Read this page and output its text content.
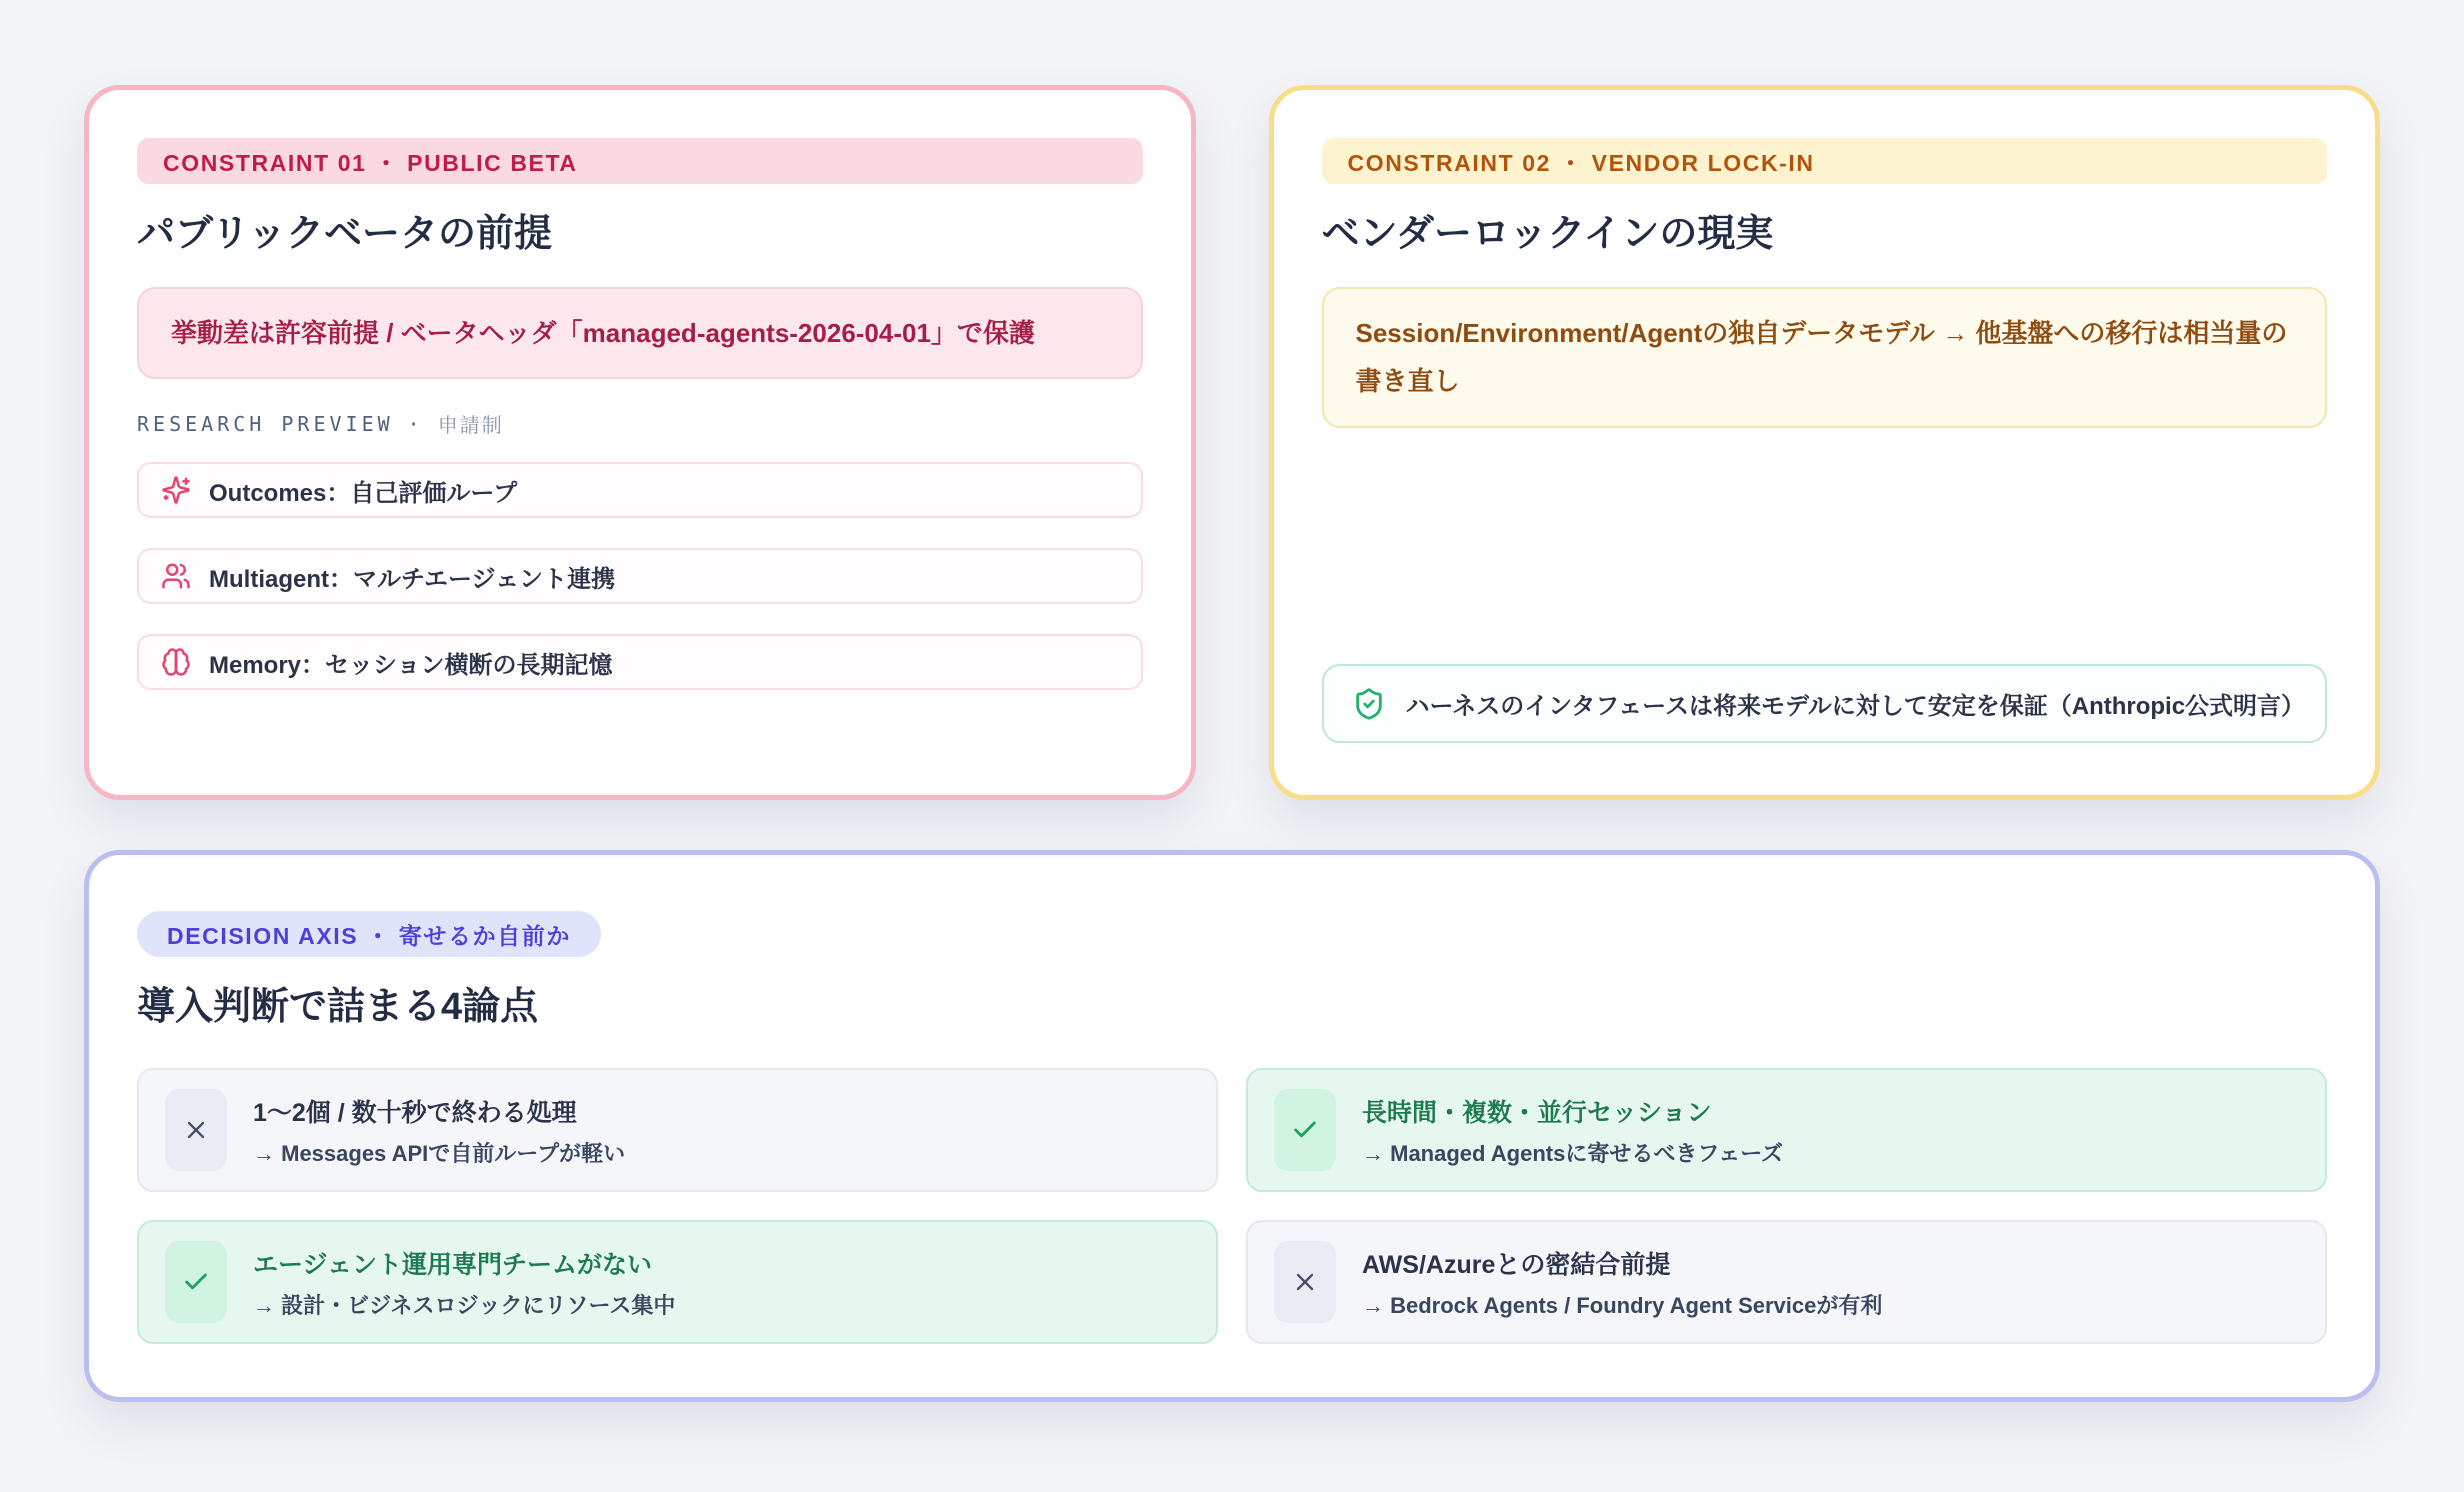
CONSTRAINT 01 ・ PUBLIC BETA
パブリックベータの前提
挙動差は許容前提 / ベータヘッダ「managed-agents-2026-04-01」で保護
RESEARCH PREVIEW · 申請制
Outcomes：自己評価ループ
Multiagent：マルチエージェント連携
Memory：セッション横断の長期記憶
CONSTRAINT 02 ・ VENDOR LOCK-IN
ベンダーロックインの現実
Session/Environment/Agentの独自データモデル → 他基盤への移行は相当量の書き直し
ハーネスのインタフェースは将来モデルに対して安定を保証（Anthropic公式明言）
DECISION AXIS ・ 寄せるか自前か
導入判断で詰まる4論点
1〜2個 / 数十秒で終わる処理
→ Messages APIで自前ループが軽い
長時間・複数・並行セッション
→ Managed Agentsに寄せるべきフェーズ
エージェント運用専門チームがない
→ 設計・ビジネスロジックにリソース集中
AWS/Azureとの密結合前提
→ Bedrock Agents / Foundry Agent Serviceが有利
